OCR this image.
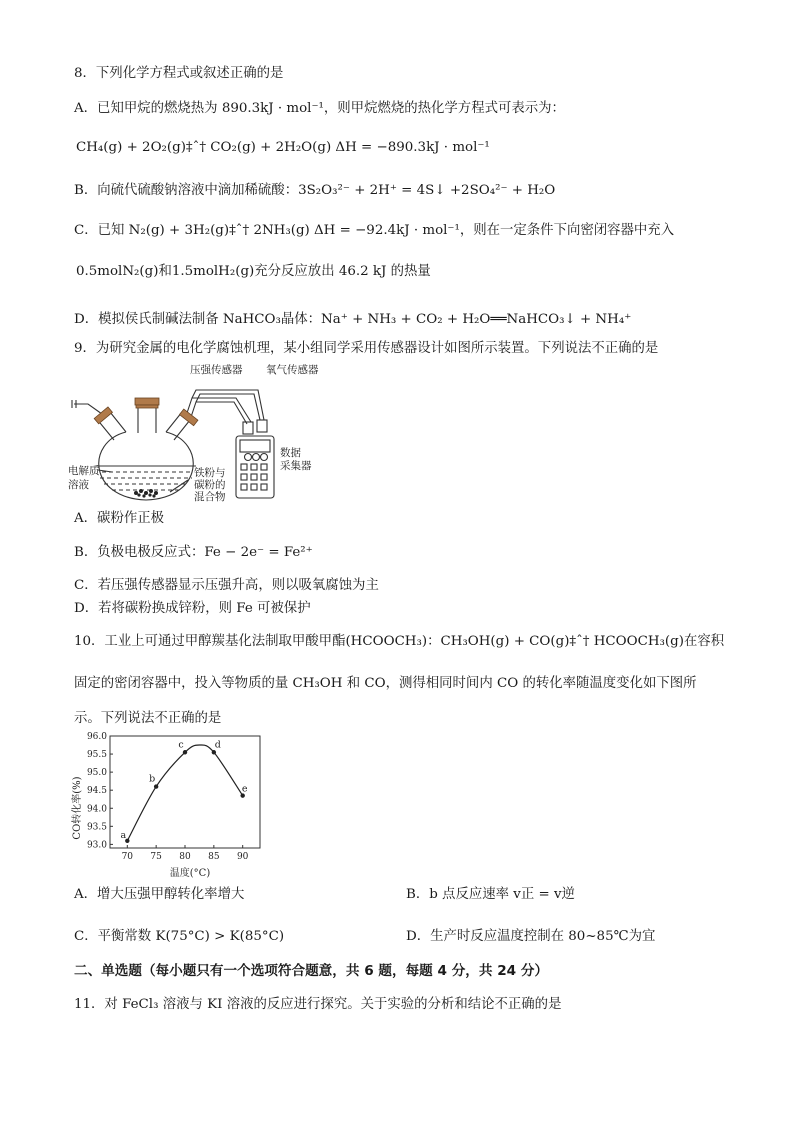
8．下列化学方程式或叙述正确的是
A．已知甲烷的燃烧热为 890.3kJ · mol⁻¹，则甲烷燃烧的热化学方程式可表示为：
CH₄(g) + 2O₂(g)‡ˆ† CO₂(g) + 2H₂O(g) ΔH = −890.3kJ · mol⁻¹
B．向硫代硫酸钠溶液中滴加稀硫酸：3S₂O₃²⁻ + 2H⁺ = 4S↓ +2SO₄²⁻ + H₂O
C．已知 N₂(g) + 3H₂(g)‡ˆ† 2NH₃(g) ΔH = −92.4kJ · mol⁻¹，则在一定条件下向密闭容器中充入
0.5molN₂(g)和1.5molH₂(g)充分反应放出 46.2 kJ 的热量
D．模拟侯氏制碱法制备 NaHCO₃晶体：Na⁺ + NH₃ + CO₂ + H₂O══NaHCO₃↓ + NH₄⁺
9．为研究金属的电化学腐蚀机理，某小组同学采用传感器设计如图所示装置。下列说法不正确的是
压强传感器 氧气传感器
数据
采集器
电解质
溶液
铁粉与
碳粉的
混合物
A．碳粉作正极
B．负极电极反应式：Fe − 2e⁻ = Fe²⁺
C．若压强传感器显示压强升高，则以吸氧腐蚀为主
D．若将碳粉换成锌粉，则 Fe 可被保护
10．工业上可通过甲醇羰基化法制取甲酸甲酯(HCOOCH₃)：CH₃OH(g) + CO(g)‡ˆ† HCOOCH₃(g)在容积
固定的密闭容器中，投入等物质的量 CH₃OH 和 CO，测得相同时间内 CO 的转化率随温度变化如下图所
示。下列说法不正确的是
70 75 80 85 90
93.0
93.5
94.0
94.5
95.0
95.5
96.0
a
b
c	d
e
CO转化率(%)
温度(°C)
A．增大压强甲醇转化率增大	B．b 点反应速率 v正 = v逆
C．平衡常数 K(75°C) > K(85°C)	D．生产时反应温度控制在 80~85℃为宜
二、单选题（每小题只有一个选项符合题意，共 6 题，每题 4 分，共 24 分）
11．对 FeCl₃ 溶液与 KI 溶液的反应进行探究。关于实验的分析和结论不正确的是
